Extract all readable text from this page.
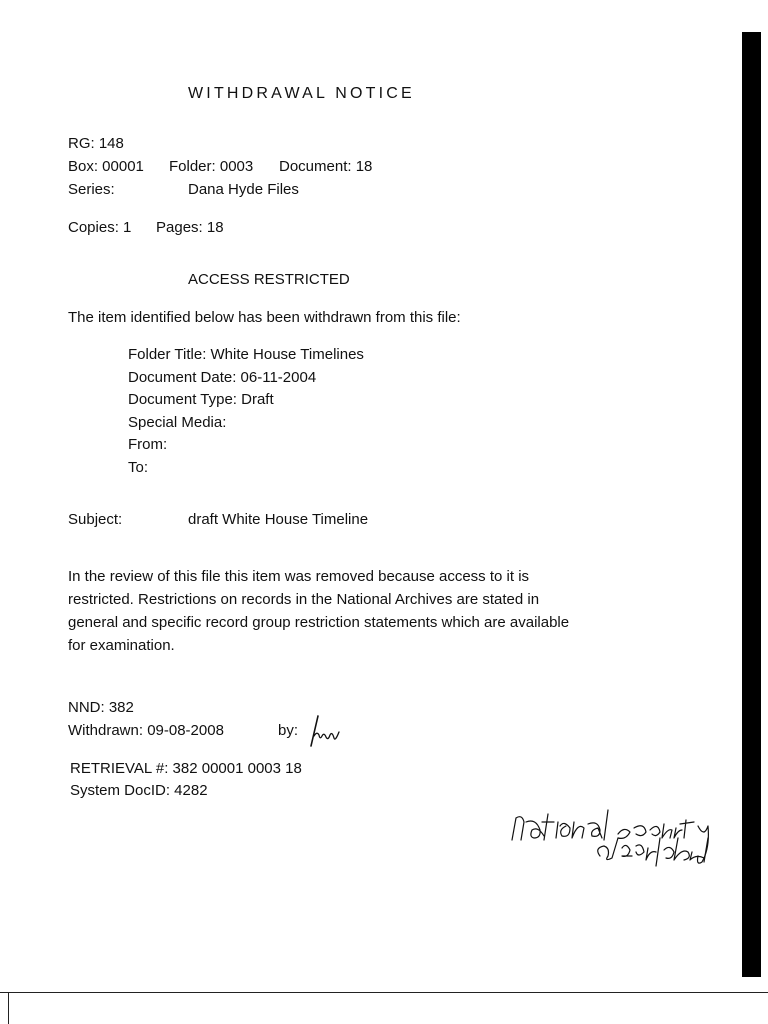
WITHDRAWAL NOTICE
RG: 148
Box: 00001 Folder: 0003 Document: 18
Series:	Dana Hyde Files
Copies: 1 Pages: 18
ACCESS RESTRICTED
The item identified below has been withdrawn from this file:
Folder Title: White House Timelines
Document Date: 06-11-2004
Document Type: Draft
Special Media:
From:
To:
Subject:	draft White House Timeline
In the review of this file this item was removed because access to it is
restricted. Restrictions on records in the National Archives are stated in
general and specific record group restriction statements which are available
for examination.
NND: 382
Withdrawn: 09-08-2008	by:
RETRIEVAL #: 382 00001 0003 18
System DocID: 4282
